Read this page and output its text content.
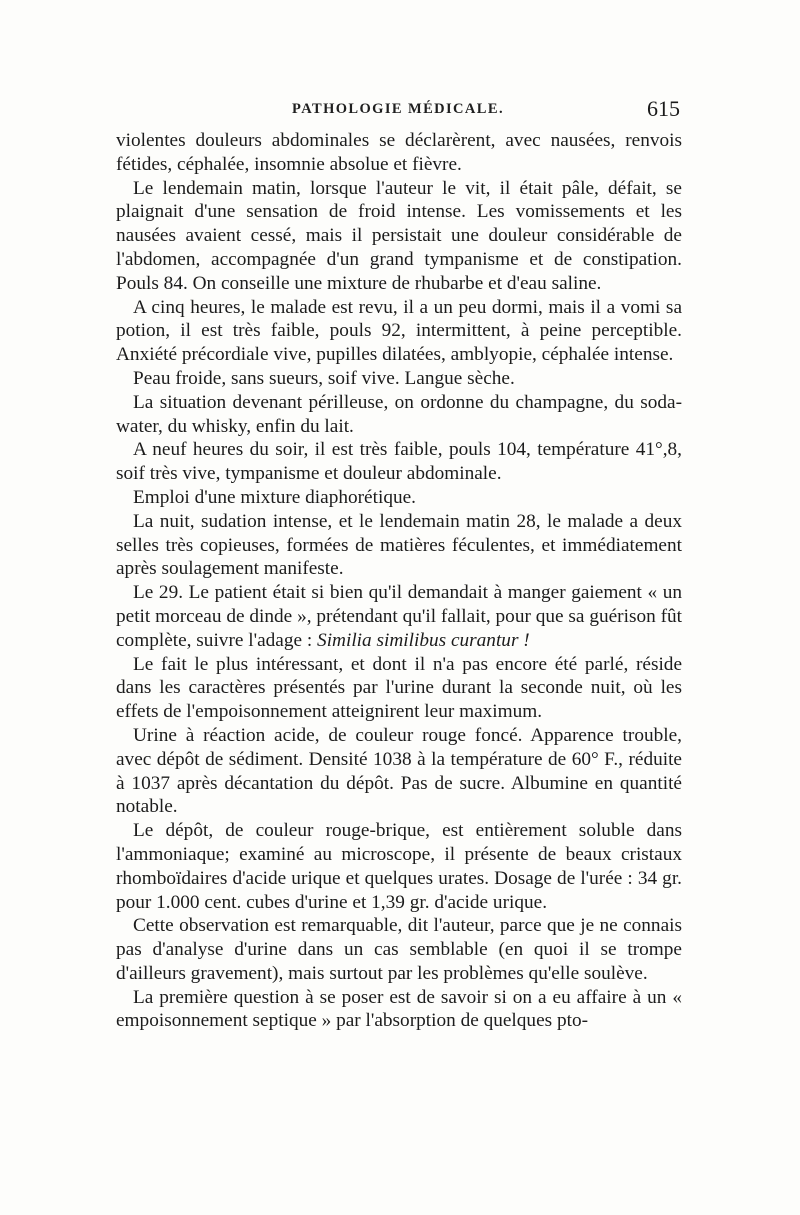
PATHOLOGIE MÉDICALE.	615

violentes douleurs abdominales se déclarèrent, avec nausées, renvois fétides, céphalée, insomnie absolue et fièvre.

Le lendemain matin, lorsque l'auteur le vit, il était pâle, défait, se plaignait d'une sensation de froid intense. Les vomissements et les nausées avaient cessé, mais il persistait une douleur considérable de l'abdomen, accompagnée d'un grand tympanisme et de constipation. Pouls 84. On conseille une mixture de rhubarbe et d'eau saline.

A cinq heures, le malade est revu, il a un peu dormi, mais il a vomi sa potion, il est très faible, pouls 92, intermittent, à peine perceptible. Anxiété précordiale vive, pupilles dilatées, amblyopie, céphalée intense.

Peau froide, sans sueurs, soif vive. Langue sèche.

La situation devenant périlleuse, on ordonne du champagne, du soda-water, du whisky, enfin du lait.

A neuf heures du soir, il est très faible, pouls 104, température 41°,8, soif très vive, tympanisme et douleur abdominale.

Emploi d'une mixture diaphorétique.

La nuit, sudation intense, et le lendemain matin 28, le malade a deux selles très copieuses, formées de matières féculentes, et immédiatement après soulagement manifeste.

Le 29. Le patient était si bien qu'il demandait à manger gaiement « un petit morceau de dinde », prétendant qu'il fallait, pour que sa guérison fût complète, suivre l'adage : Similia similibus curantur !

Le fait le plus intéressant, et dont il n'a pas encore été parlé, réside dans les caractères présentés par l'urine durant la seconde nuit, où les effets de l'empoisonnement atteignirent leur maximum.

Urine à réaction acide, de couleur rouge foncé. Apparence trouble, avec dépôt de sédiment. Densité 1038 à la température de 60° F., réduite à 1037 après décantation du dépôt. Pas de sucre. Albumine en quantité notable.

Le dépôt, de couleur rouge-brique, est entièrement soluble dans l'ammoniaque; examiné au microscope, il présente de beaux cristaux rhomboïdaires d'acide urique et quelques urates. Dosage de l'urée : 34 gr. pour 1.000 cent. cubes d'urine et 1,39 gr. d'acide urique.

Cette observation est remarquable, dit l'auteur, parce que je ne connais pas d'analyse d'urine dans un cas semblable (en quoi il se trompe d'ailleurs gravement), mais surtout par les problèmes qu'elle soulève.

La première question à se poser est de savoir si on a eu affaire à un « empoisonnement septique » par l'absorption de quelques pto-
